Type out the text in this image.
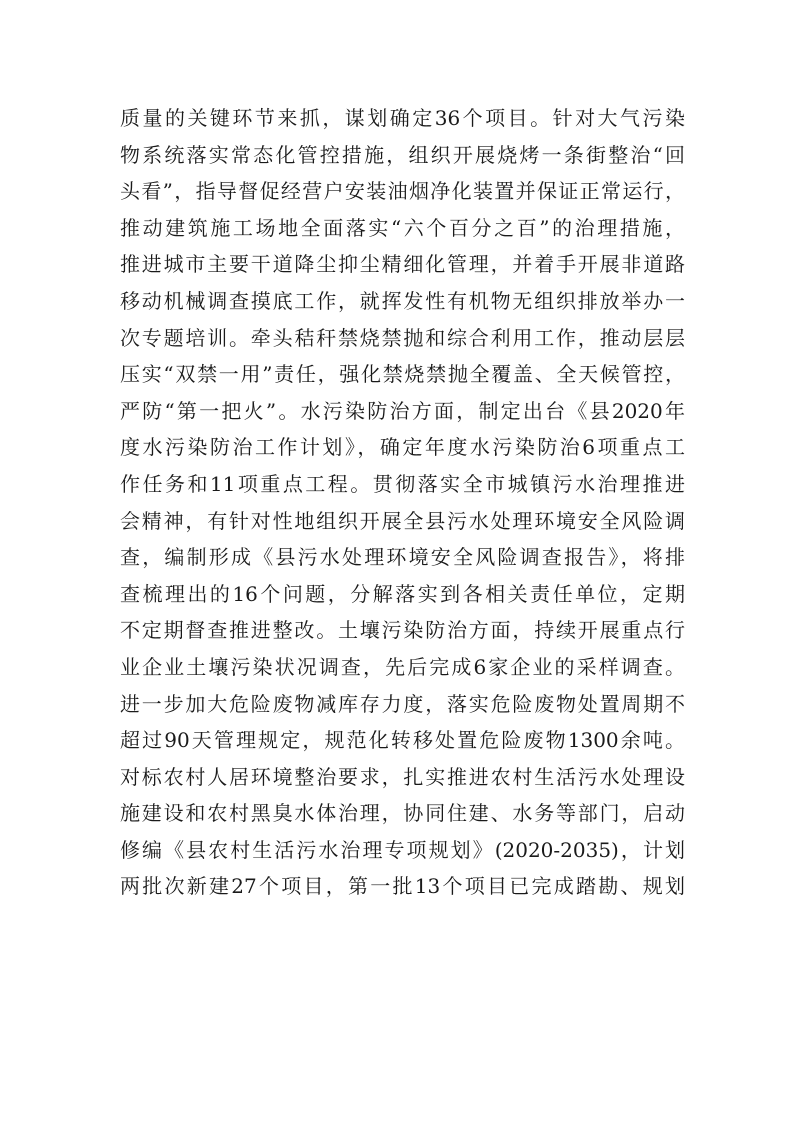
质量的关键环节来抓，谋划确定36个项目。针对大气污染
物系统落实常态化管控措施，组织开展烧烤一条街整治“回
头看”，指导督促经营户安装油烟净化装置并保证正常运行，
推动建筑施工场地全面落实“六个百分之百”的治理措施，
推进城市主要干道降尘抑尘精细化管理，并着手开展非道路
移动机械调查摸底工作，就挥发性有机物无组织排放举办一
次专题培训。牵头秸秆禁烧禁抛和综合利用工作，推动层层
压实“双禁一用”责任，强化禁烧禁抛全覆盖、全天候管控，
严防“第一把火”。水污染防治方面，制定出台《县2020年
度水污染防治工作计划》，确定年度水污染防治6项重点工
作任务和11项重点工程。贯彻落实全市城镇污水治理推进
会精神，有针对性地组织开展全县污水处理环境安全风险调
查，编制形成《县污水处理环境安全风险调查报告》，将排
查梳理出的16个问题，分解落实到各相关责任单位，定期
不定期督查推进整改。土壤污染防治方面，持续开展重点行
业企业土壤污染状况调查，先后完成6家企业的采样调查。
进一步加大危险废物减库存力度，落实危险废物处置周期不
超过90天管理规定，规范化转移处置危险废物1300余吨。
对标农村人居环境整治要求，扎实推进农村生活污水处理设
施建设和农村黑臭水体治理，协同住建、水务等部门，启动
修编《县农村生活污水治理专项规划》(2020-2035)，计划
两批次新建27个项目，第一批13个项目已完成踏勘、规划
